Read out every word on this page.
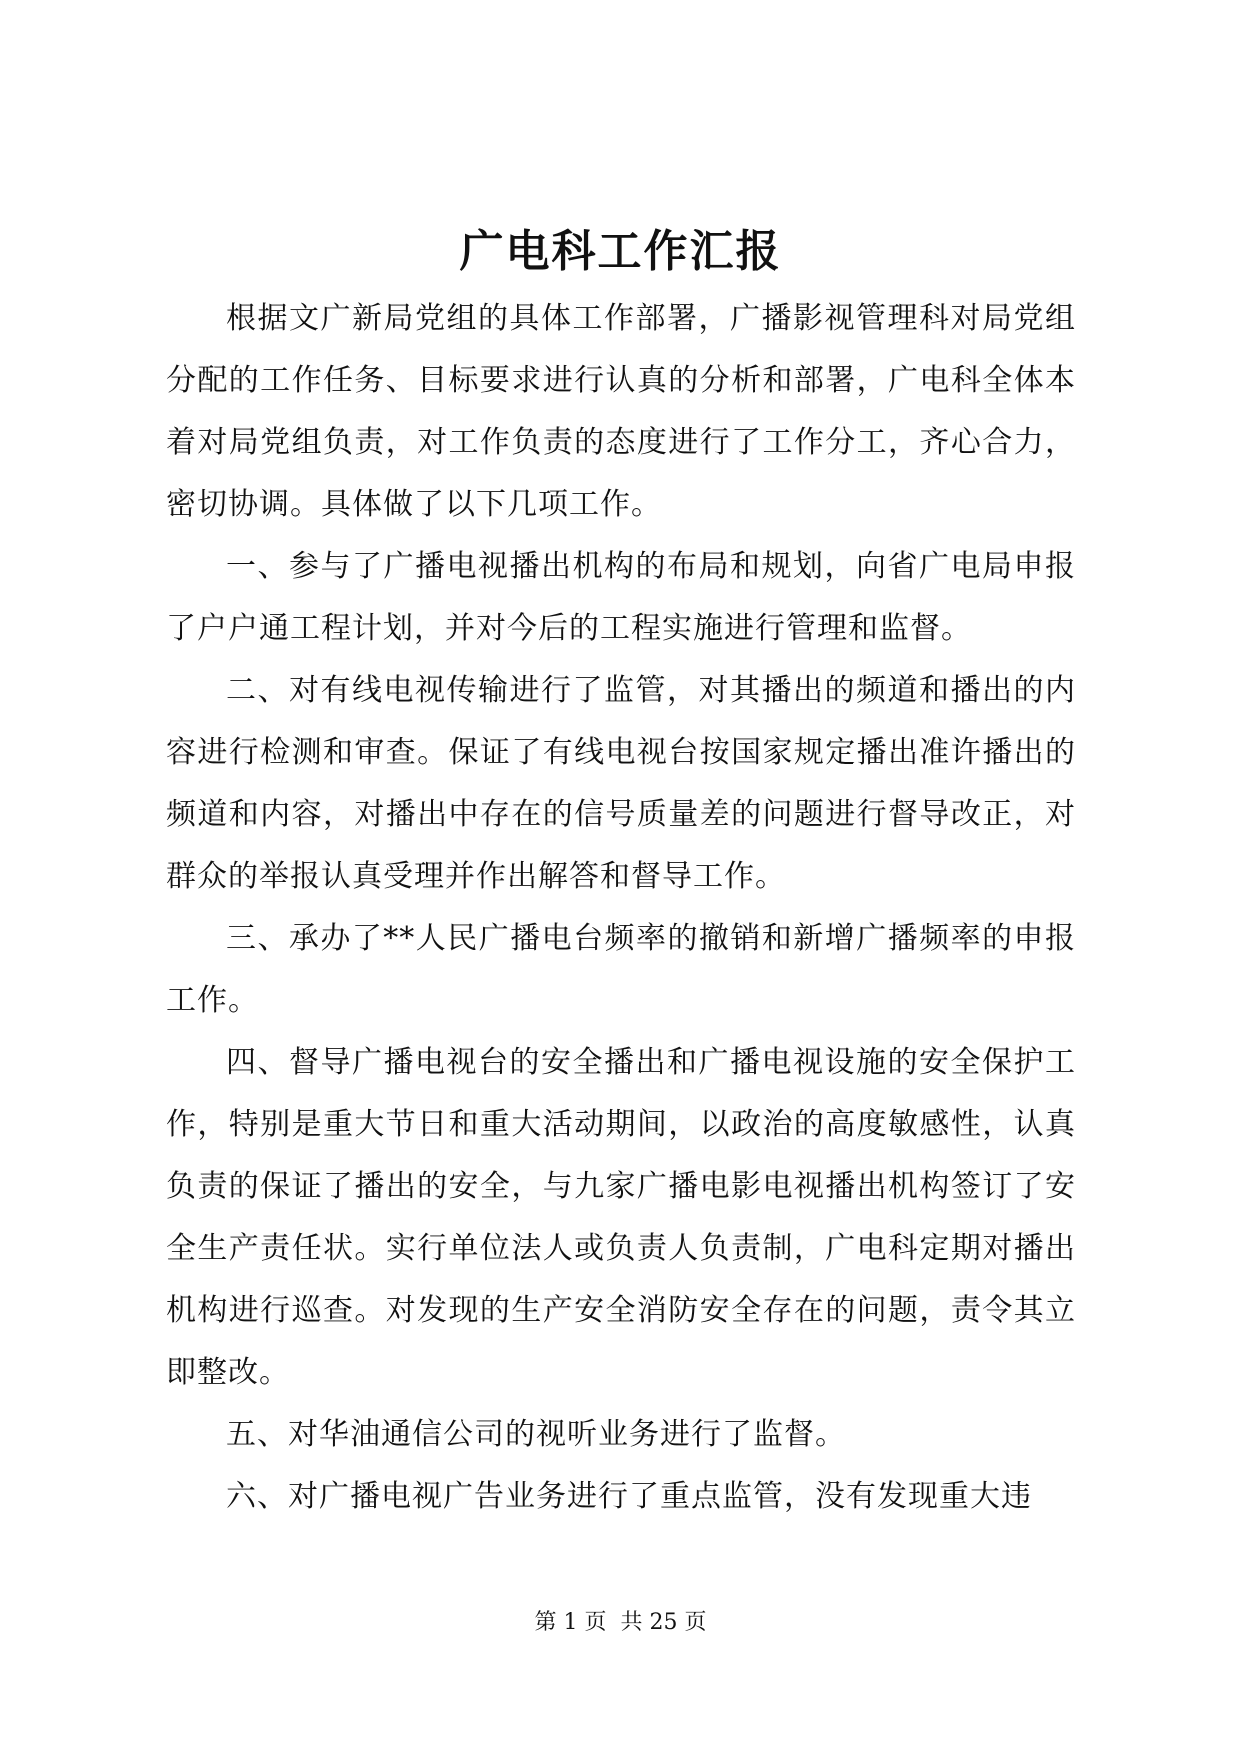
广电科工作汇报

根据文广新局党组的具体工作部署，广播影视管理科对局党组分配的工作任务、目标要求进行认真的分析和部署，广电科全体本着对局党组负责，对工作负责的态度进行了工作分工，齐心合力，密切协调。具体做了以下几项工作。

一、参与了广播电视播出机构的布局和规划，向省广电局申报了户户通工程计划，并对今后的工程实施进行管理和监督。

二、对有线电视传输进行了监管，对其播出的频道和播出的内容进行检测和审查。保证了有线电视台按国家规定播出准许播出的频道和内容，对播出中存在的信号质量差的问题进行督导改正，对群众的举报认真受理并作出解答和督导工作。

三、承办了**人民广播电台频率的撤销和新增广播频率的申报工作。

四、督导广播电视台的安全播出和广播电视设施的安全保护工作，特别是重大节日和重大活动期间，以政治的高度敏感性，认真负责的保证了播出的安全，与九家广播电影电视播出机构签订了安全生产责任状。实行单位法人或负责人负责制，广电科定期对播出机构进行巡查。对发现的生产安全消防安全存在的问题，责令其立即整改。

五、对华油通信公司的视听业务进行了监督。

六、对广播电视广告业务进行了重点监管，没有发现重大违

第 1 页  共 25 页
